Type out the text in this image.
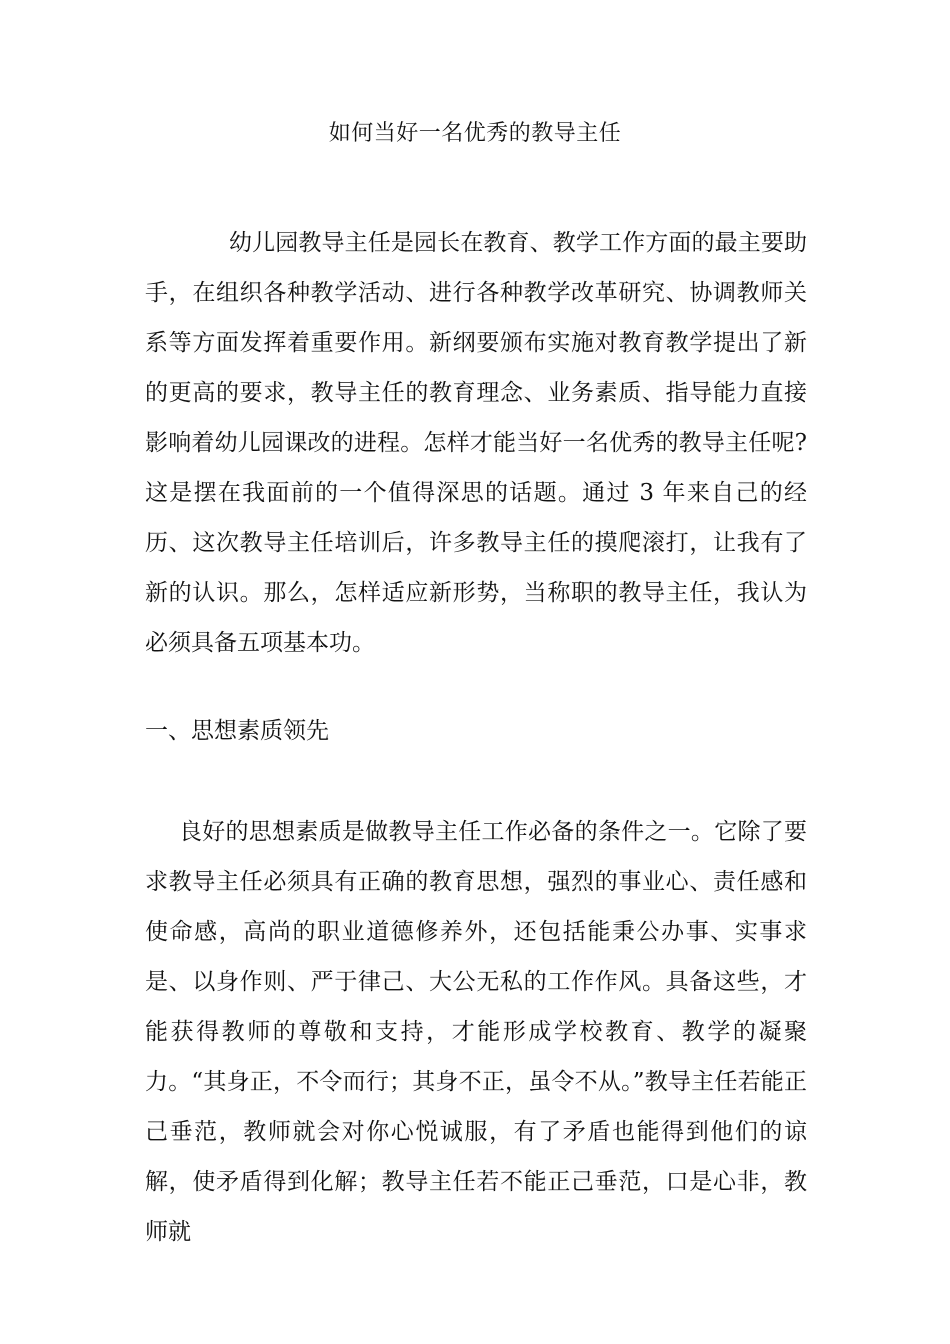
如何当好一名优秀的教导主任
幼儿园教导主任是园长在教育、教学工作方面的最主要助手，在组织各种教学活动、进行各种教学改革研究、协调教师关系等方面发挥着重要作用。新纲要颁布实施对教育教学提出了新的更高的要求，教导主任的教育理念、业务素质、指导能力直接影响着幼儿园课改的进程。怎样才能当好一名优秀的教导主任呢?这是摆在我面前的一个值得深思的话题。通过 3 年来自己的经历、这次教导主任培训后，许多教导主任的摸爬滚打，让我有了新的认识。那么，怎样适应新形势，当称职的教导主任，我认为必须具备五项基本功。
一、思想素质领先
良好的思想素质是做教导主任工作必备的条件之一。它除了要求教导主任必须具有正确的教育思想，强烈的事业心、责任感和使命感，高尚的职业道德修养外，还包括能秉公办事、实事求是、以身作则、严于律己、大公无私的工作作风。具备这些，才能获得教师的尊敬和支持，才能形成学校教育、教学的凝聚力。“其身正，不令而行；其身不正，虽令不从。”教导主任若能正己垂范，教师就会对你心悦诚服，有了矛盾也能得到他们的谅解，使矛盾得到化解；教导主任若不能正己垂范，口是心非，教师就
